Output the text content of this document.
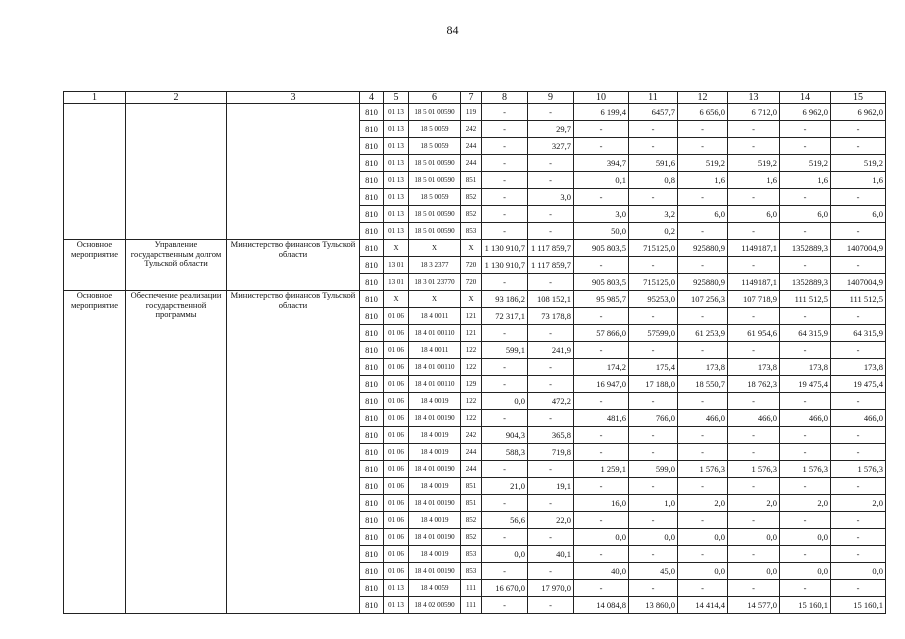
84
1	2	3	4	5	6	7	8	9	10	11	12	13	14	15
			810	01 13	18 5 01 00590	119	-	-	6 199,4	6457,7	6 656,0	6 712,0	6 962,0	6 962,0
			810	01 13	18 5 0059	242	-	29,7	-	-	-	-	-	-
			810	01 13	18 5 0059	244	-	327,7	-	-	-	-	-	-
			810	01 13	18 5 01 00590	244	-	-	394,7	591,6	519,2	519,2	519,2	519,2
			810	01 13	18 5 01 00590	851	-	-	0,1	0,8	1,6	1,6	1,6	1,6
			810	01 13	18 5 0059	852	-	3,0	-	-	-	-	-	-
			810	01 13	18 5 01 00590	852	-	-	3,0	3,2	6,0	6,0	6,0	6,0
			810	01 13	18 5 01 00590	853	-	-	50,0	0,2	-	-	-	-
Основное мероприятие	Управление государственным долгом Тульской области	Министерство финансов Тульской области	810	X	X	X	1 130 910,7	1 117 859,7	905 803,5	715125,0	925880,9	1149187,1	1352889,3	1407004,9
			810	13 01	18 3 2377	720	1 130 910,7	1 117 859,7	-	-	-	-	-	-
			810	13 01	18 3 01 23770	720	-	-	905 803,5	715125,0	925880,9	1149187,1	1352889,3	1407004,9
Основное мероприятие	Обеспечение реализации государственной программы	Министерство финансов Тульской области	810	X	X	X	93 186,2	108 152,1	95 985,7	95253,0	107 256,3	107 718,9	111 512,5	111 512,5
			810	01 06	18 4 0011	121	72 317,1	73 178,8	-	-	-	-	-	-
			810	01 06	18 4 01 00110	121	-	-	57 866,0	57599,0	61 253,9	61 954,6	64 315,9	64 315,9
			810	01 06	18 4 0011	122	599,1	241,9	-	-	-	-	-	-
			810	01 06	18 4 01 00110	122	-	-	174,2	175,4	173,8	173,8	173,8	173,8
			810	01 06	18 4 01 00110	129	-	-	16 947,0	17 188,0	18 550,7	18 762,3	19 475,4	19 475,4
			810	01 06	18 4 0019	122	0,0	472,2	-	-	-	-	-	-
			810	01 06	18 4 01 00190	122	-	-	481,6	766,0	466,0	466,0	466,0	466,0
			810	01 06	18 4 0019	242	904,3	365,8	-	-	-	-	-	-
			810	01 06	18 4 0019	244	588,3	719,8	-	-	-	-	-	-
			810	01 06	18 4 01 00190	244	-	-	1 259,1	599,0	1 576,3	1 576,3	1 576,3	1 576,3
			810	01 06	18 4 0019	851	21,0	19,1	-	-	-	-	-	-
			810	01 06	18 4 01 00190	851	-	-	16,0	1,0	2,0	2,0	2,0	2,0
			810	01 06	18 4 0019	852	56,6	22,0	-	-	-	-	-	-
			810	01 06	18 4 01 00190	852	-	-	0,0	0,0	0,0	0,0	0,0	-
			810	01 06	18 4 0019	853	0,0	40,1	-	-	-	-	-	-
			810	01 06	18 4 01 00190	853	-	-	40,0	45,0	0,0	0,0	0,0	0,0
			810	01 13	18 4 0059	111	16 670,0	17 970,0	-	-	-	-	-	-
			810	01 13	18 4 02 00590	111	-	-	14 084,8	13 860,0	14 414,4	14 577,0	15 160,1	15 160,1
